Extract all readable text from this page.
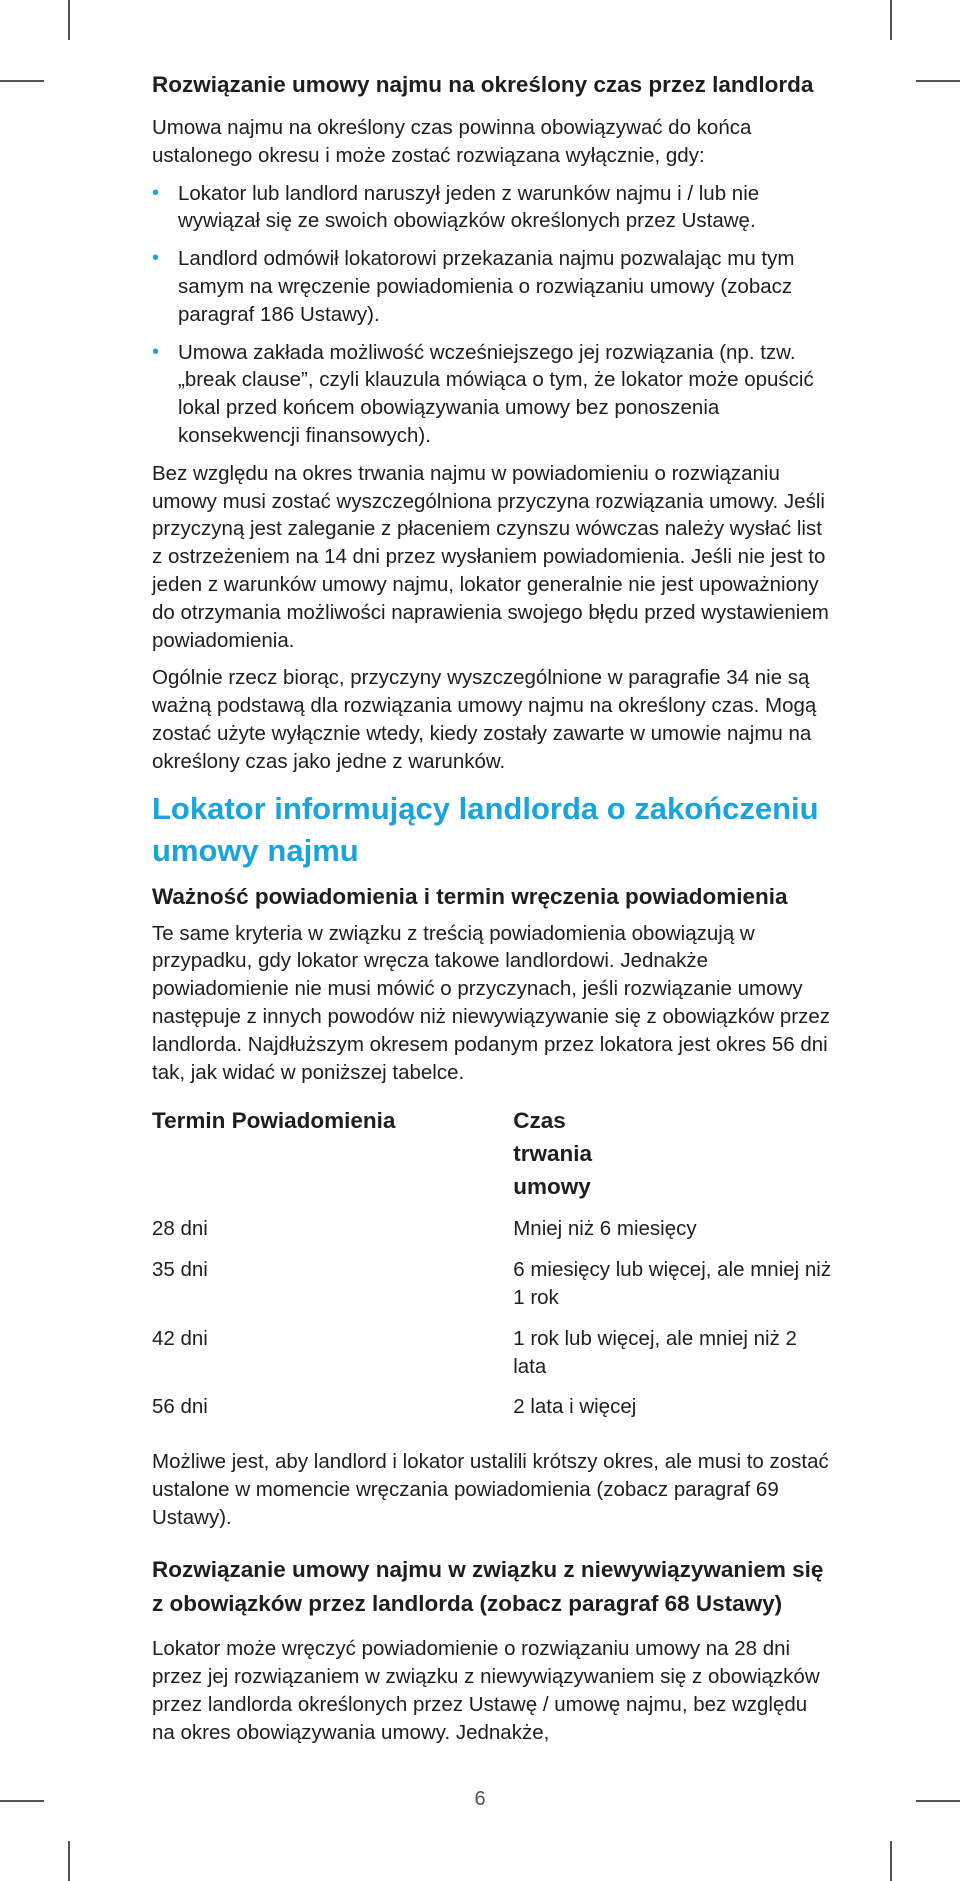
Rozwiązanie umowy najmu na określony czas przez landlorda

Umowa najmu na określony czas powinna obowiązywać do końca ustalonego okresu i może zostać rozwiązana wyłącznie, gdy:

• Lokator lub landlord naruszył jeden z warunków najmu i / lub nie wywiązał się ze swoich obowiązków określonych przez Ustawę.
• Landlord odmówił lokatorowi przekazania najmu pozwalając mu tym samym na wręczenie powiadomienia o rozwiązaniu umowy (zobacz paragraf 186 Ustawy).
• Umowa zakłada możliwość wcześniejszego jej rozwiązania (np. tzw. „break clause”, czyli klauzula mówiąca o tym, że lokator może opuścić lokal przed końcem obowiązywania umowy bez ponoszenia konsekwencji finansowych).

Bez względu na okres trwania najmu w powiadomieniu o rozwiązaniu umowy musi zostać wyszczególniona przyczyna rozwiązania umowy. Jeśli przyczyną jest zaleganie z płaceniem czynszu wówczas należy wysłać list z ostrzeżeniem na 14 dni przez wysłaniem powiadomienia. Jeśli nie jest to jeden z warunków umowy najmu, lokator generalnie nie jest upoważniony do otrzymania możliwości naprawienia swojego błędu przed wystawieniem powiadomienia.

Ogólnie rzecz biorąc, przyczyny wyszczególnione w paragrafie 34 nie są ważną podstawą dla rozwiązania umowy najmu na określony czas. Mogą zostać użyte wyłącznie wtedy, kiedy zostały zawarte w umowie najmu na określony czas jako jedne z warunków.

Lokator informujący landlorda o zakończeniu umowy najmu
Ważność powiadomienia i termin wręczenia powiadomienia

Te same kryteria w związku z treścią powiadomienia obowiązują w przypadku, gdy lokator wręcza takowe landlordowi. Jednakże powiadomienie nie musi mówić o przyczynach, jeśli rozwiązanie umowy następuje z innych powodów niż niewywiązywanie się z obowiązków przez landlorda. Najdłuższym okresem podanym przez lokatora jest okres 56 dni tak, jak widać w poniższej tabelce.

Termin Powiadomienia	Czas trwania umowy
28 dni	Mniej niż 6 miesięcy
35 dni	6 miesięcy lub więcej, ale mniej niż 1 rok
42 dni	1 rok lub więcej, ale mniej niż 2 lata
56 dni	2 lata i więcej

Możliwe jest, aby landlord i lokator ustalili krótszy okres, ale musi to zostać ustalone w momencie wręczania powiadomienia (zobacz paragraf 69 Ustawy).

Rozwiązanie umowy najmu w związku z niewywiązywaniem się z obowiązków przez landlorda (zobacz paragraf 68 Ustawy)

Lokator może wręczyć powiadomienie o rozwiązaniu umowy na 28 dni przez jej rozwiązaniem w związku z niewywiązywaniem się z obowiązków przez landlorda określonych przez Ustawę / umowę najmu, bez względu na okres obowiązywania umowy. Jednakże,

6
